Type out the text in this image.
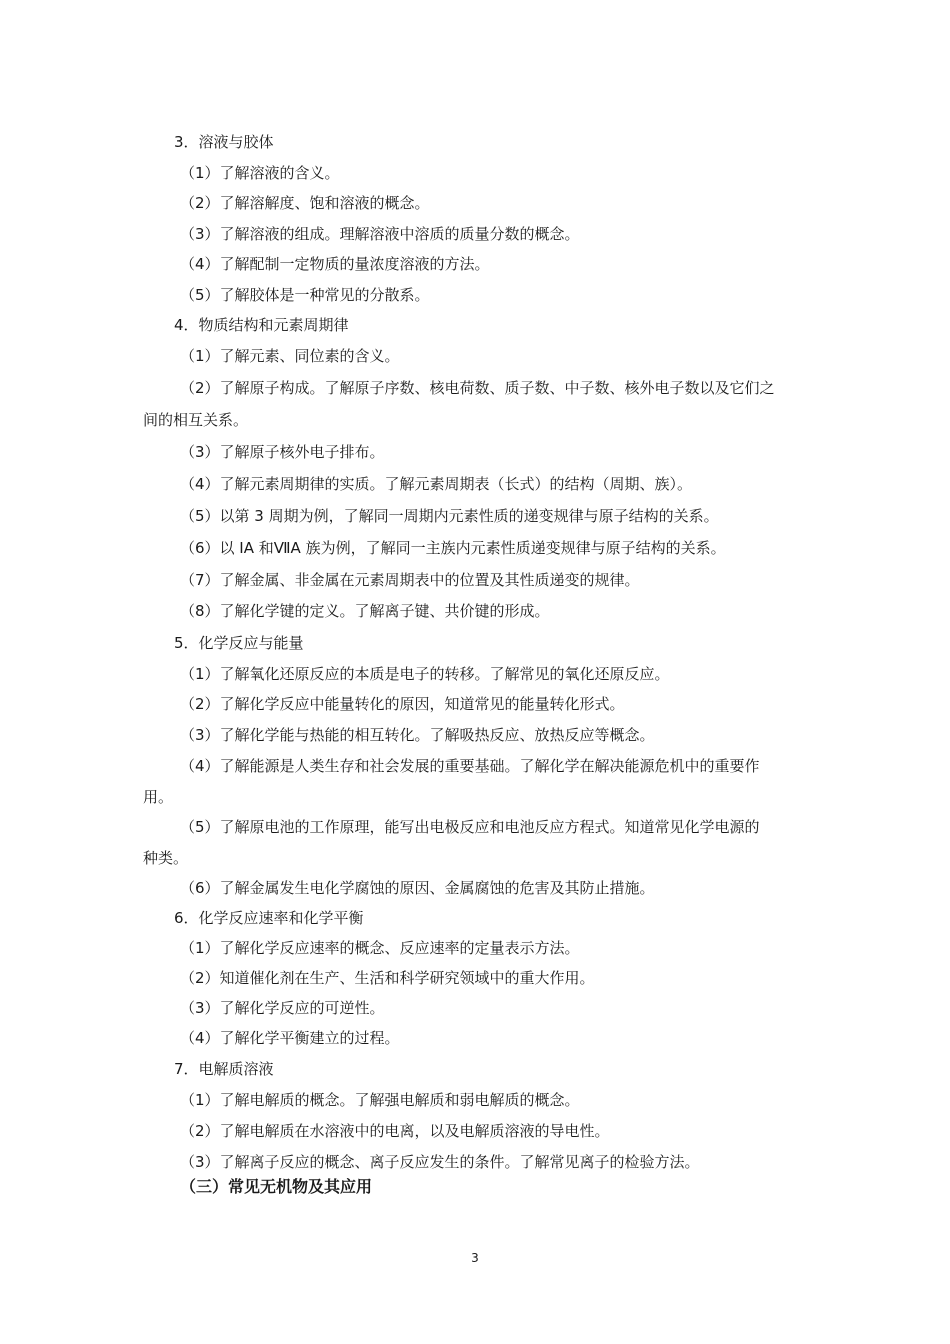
3．溶液与胶体
（1）了解溶液的含义。
（2）了解溶解度、饱和溶液的概念。
（3）了解溶液的组成。理解溶液中溶质的质量分数的概念。
（4）了解配制一定物质的量浓度溶液的方法。
（5）了解胶体是一种常见的分散系。
4．物质结构和元素周期律
（1）了解元素、同位素的含义。
（2）了解原子构成。了解原子序数、核电荷数、质子数、中子数、核外电子数以及它们之
间的相互关系。
（3）了解原子核外电子排布。
（4）了解元素周期律的实质。了解元素周期表（长式）的结构（周期、族）。
（5）以第 3 周期为例，了解同一周期内元素性质的递变规律与原子结构的关系。
（6）以 IA 和ⅦA 族为例，了解同一主族内元素性质递变规律与原子结构的关系。
（7）了解金属、非金属在元素周期表中的位置及其性质递变的规律。
（8）了解化学键的定义。了解离子键、共价键的形成。
5．化学反应与能量
（1）了解氧化还原反应的本质是电子的转移。了解常见的氧化还原反应。
（2）了解化学反应中能量转化的原因，知道常见的能量转化形式。
（3）了解化学能与热能的相互转化。了解吸热反应、放热反应等概念。
（4）了解能源是人类生存和社会发展的重要基础。了解化学在解决能源危机中的重要作
用。
（5）了解原电池的工作原理，能写出电极反应和电池反应方程式。知道常见化学电源的
种类。
（6）了解金属发生电化学腐蚀的原因、金属腐蚀的危害及其防止措施。
6．化学反应速率和化学平衡
（1）了解化学反应速率的概念、反应速率的定量表示方法。
（2）知道催化剂在生产、生活和科学研究领域中的重大作用。
（3）了解化学反应的可逆性。
（4）了解化学平衡建立的过程。
7．电解质溶液
（1）了解电解质的概念。了解强电解质和弱电解质的概念。
（2）了解电解质在水溶液中的电离，以及电解质溶液的导电性。
（3）了解离子反应的概念、离子反应发生的条件。了解常见离子的检验方法。
（三）常见无机物及其应用
3
